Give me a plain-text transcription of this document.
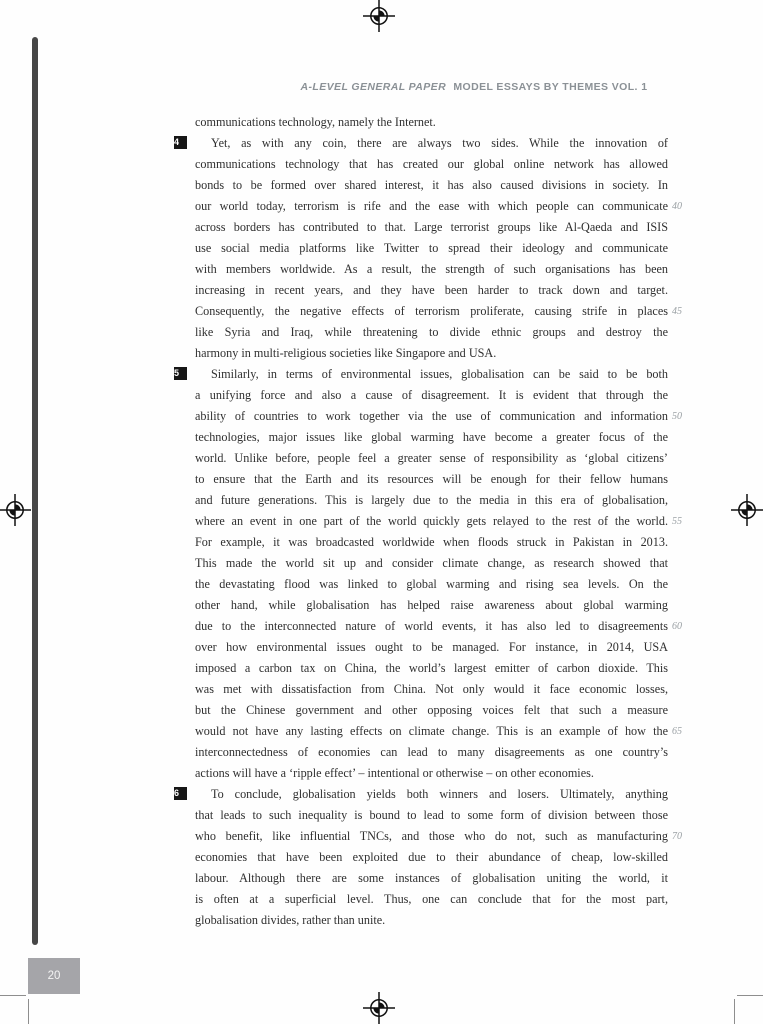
A-LEVEL GENERAL PAPER MODEL ESSAYS BY THEMES VOL. 1
communications technology, namely the Internet.
Yet, as with any coin, there are always two sides. While the innovation of
4
communications technology that has created our global online network has allowed
bonds to be formed over shared interest, it has also caused divisions in society. In
our world today, terrorism is rife and the ease with which people can communicate 40
across borders has contributed to that. Large terrorist groups like Al-Qaeda and ISIS
use social media platforms like Twitter to spread their ideology and communicate
with members worldwide. As a result, the strength of such organisations has been
increasing in recent years, and they have been harder to track down and target.
Consequently, the negative effects of terrorism proliferate, causing strife in places 45
like Syria and Iraq, while threatening to divide ethnic groups and destroy the
harmony in multi-religious societies like Singapore and USA.
Similarly, in terms of environmental issues, globalisation can be said to be both
5
a unifying force and also a cause of disagreement. It is evident that through the
ability of countries to work together via the use of communication and information 50
technologies, major issues like global warming have become a greater focus of the
world. Unlike before, people feel a greater sense of responsibility as ‘global citizens’
to ensure that the Earth and its resources will be enough for their fellow humans
and future generations. This is largely due to the media in this era of globalisation,
where an event in one part of the world quickly gets relayed to the rest of the world. 55
For example, it was broadcasted worldwide when floods struck in Pakistan in 2013.
This made the world sit up and consider climate change, as research showed that
the devastating flood was linked to global warming and rising sea levels. On the
other hand, while globalisation has helped raise awareness about global warming
due to the interconnected nature of world events, it has also led to disagreements 60
over how environmental issues ought to be managed. For instance, in 2014, USA
imposed a carbon tax on China, the world’s largest emitter of carbon dioxide. This
was met with dissatisfaction from China. Not only would it face economic losses,
but the Chinese government and other opposing voices felt that such a measure
would not have any lasting effects on climate change. This is an example of how the 65
interconnectedness of economies can lead to many disagreements as one country’s
actions will have a ‘ripple effect’ – intentional or otherwise – on other economies.
To conclude, globalisation yields both winners and losers. Ultimately, anything
6
that leads to such inequality is bound to lead to some form of division between those
who benefit, like influential TNCs, and those who do not, such as manufacturing 70
economies that have been exploited due to their abundance of cheap, low-skilled
labour. Although there are some instances of globalisation uniting the world, it
is often at a superficial level. Thus, one can conclude that for the most part,
globalisation divides, rather than unite.
20
